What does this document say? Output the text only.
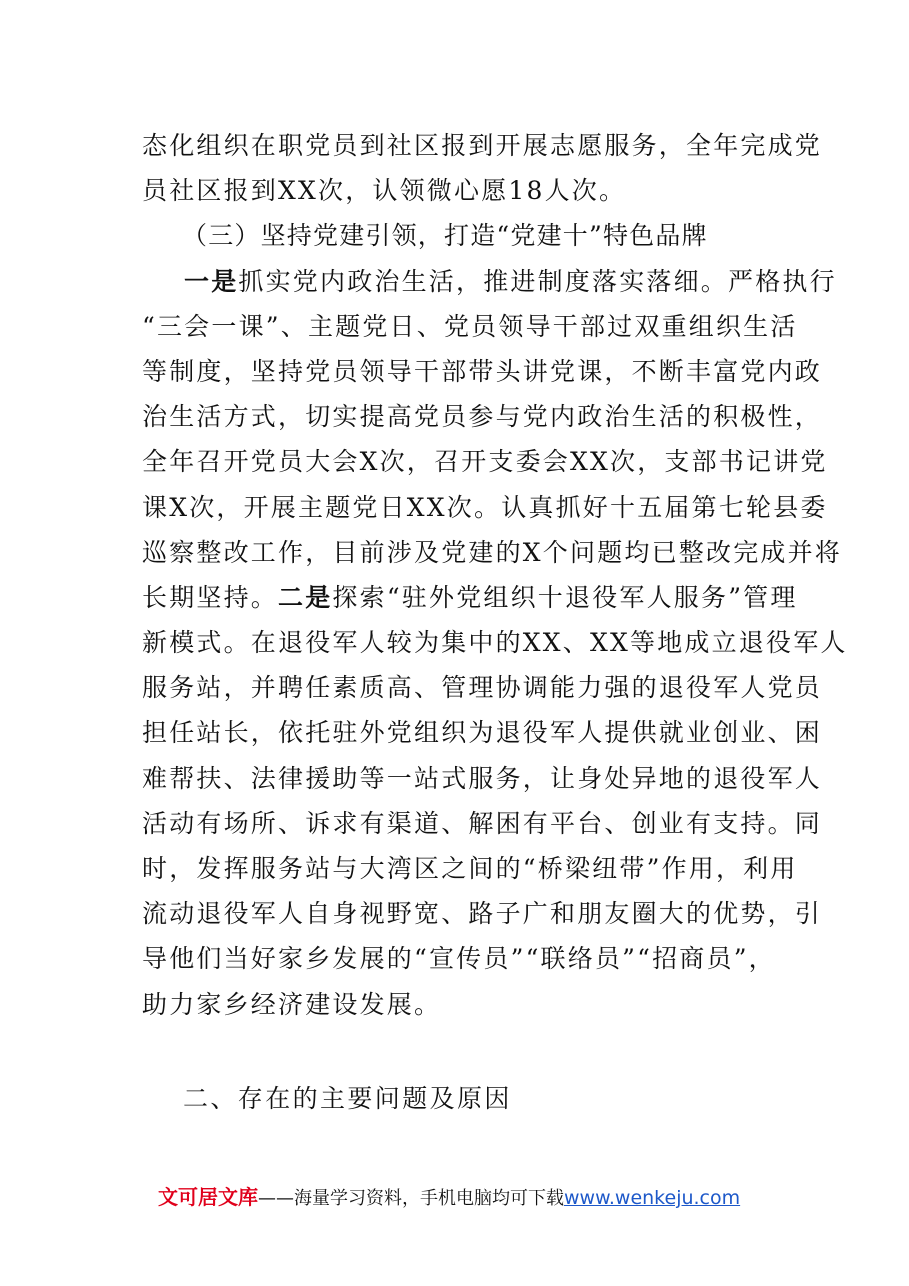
态化组织在职党员到社区报到开展志愿服务，全年完成党
员社区报到XX次，认领微心愿18人次。
（三）坚持党建引领，打造“党建十”特色品牌
一是抓实党内政治生活，推进制度落实落细。严格执行
“三会一课”、主题党日、党员领导干部过双重组织生活
等制度，坚持党员领导干部带头讲党课，不断丰富党内政
治生活方式，切实提高党员参与党内政治生活的积极性，
全年召开党员大会X次，召开支委会XX次，支部书记讲党
课X次，开展主题党日XX次。认真抓好十五届第七轮县委
巡察整改工作，目前涉及党建的X个问题均已整改完成并将
长期坚持。二是探索“驻外党组织十退役军人服务”管理
新模式。在退役军人较为集中的XX、XX等地成立退役军人
服务站，并聘任素质高、管理协调能力强的退役军人党员
担任站长，依托驻外党组织为退役军人提供就业创业、困
难帮扶、法律援助等一站式服务，让身处异地的退役军人
活动有场所、诉求有渠道、解困有平台、创业有支持。同
时，发挥服务站与大湾区之间的“桥梁纽带”作用，利用
流动退役军人自身视野宽、路子广和朋友圈大的优势，引
导他们当好家乡发展的“宣传员”“联络员”“招商员”，
助力家乡经济建设发展。
二、存在的主要问题及原因
文可居文库——海量学习资料，手机电脑均可下载www.wenkeju.com
